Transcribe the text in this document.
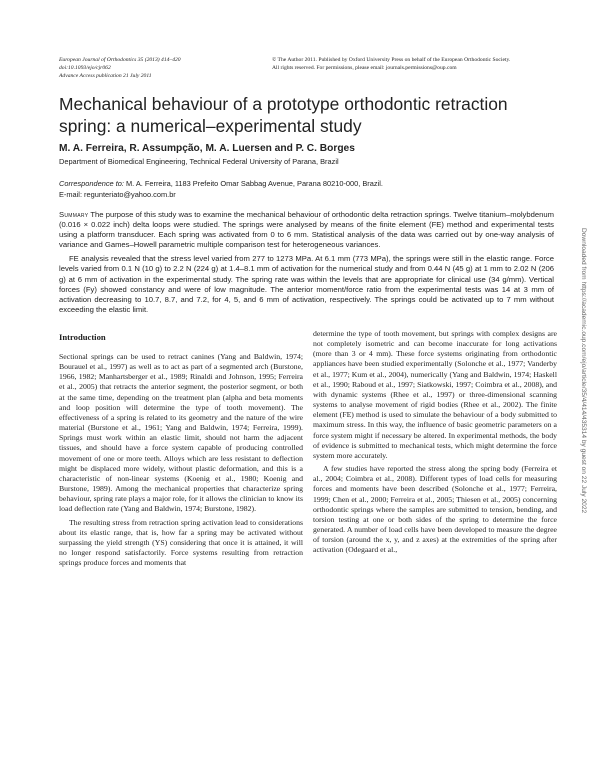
European Journal of Orthodontics 35 (2013) 414–420
doi:10.1093/ejo/cjr062
Advance Access publication 21 July 2011
© The Author 2011. Published by Oxford University Press on behalf of the European Orthodontic Society.
All rights reserved. For permissions, please email: journals.permissions@oup.com
Mechanical behaviour of a prototype orthodontic retraction spring: a numerical–experimental study
M. A. Ferreira, R. Assumpção, M. A. Luersen and P. C. Borges
Department of Biomedical Engineering, Technical Federal University of Parana, Brazil
Correspondence to: M. A. Ferreira, 1183 Prefeito Omar Sabbag Avenue, Parana 80210-000, Brazil.
E-mail: regunteriato@yahoo.com.br

Summary The purpose of this study was to examine the mechanical behaviour of orthodontic delta retraction springs. Twelve titanium–molybdenum (0.016 × 0.022 inch) delta loops were studied. The springs were analysed by means of the finite element (FE) method and experimental tests using a platform transducer. Each spring was activated from 0 to 6 mm. Statistical analysis of the data was carried out by one-way analysis of variance and Games–Howell parametric multiple comparison test for heterogeneous variances.

FE analysis revealed that the stress level varied from 277 to 1273 MPa. At 6.1 mm (773 MPa), the springs were still in the elastic range. Force levels varied from 0.1 N (10 g) to 2.2 N (224 g) at 1.4–8.1 mm of activation for the numerical study and from 0.44 N (45 g) at 1 mm to 2.02 N (206 g) at 6 mm of activation in the experimental study. The spring rate was within the levels that are appropriate for clinical use (34 g/mm). Vertical forces (Fy) showed constancy and were of low magnitude. The anterior moment/force ratio from the experimental tests was 14 at 3 mm of activation decreasing to 10.7, 8.7, and 7.2, for 4, 5, and 6 mm of activation, respectively. The springs could be activated up to 7 mm without exceeding the elastic limit.

Introduction

Sectional springs can be used to retract canines (Yang and Baldwin, 1974; Bourauel et al., 1997) as well as to act as part of a segmented arch (Burstone, 1966, 1982; Manhartsberger et al., 1989; Rinaldi and Johnson, 1995; Ferreira et al., 2005) that retracts the anterior segment, the posterior segment, or both at the same time, depending on the treatment plan (alpha and beta moments and loop position will determine the type of tooth movement). The effectiveness of a spring is related to its geometry and the nature of the wire material (Burstone et al., 1961; Yang and Baldwin, 1974; Ferreira, 1999). Springs must work within an elastic limit, should not harm the adjacent tissues, and should have a force system capable of producing controlled movement of one or more teeth. Alloys which are less resistant to deflection might be displaced more widely, without plastic deformation, and this is a characteristic of non-linear systems (Koenig et al., 1980; Koenig and Burstone, 1989). Among the mechanical properties that characterize spring behaviour, spring rate plays a major role, for it allows the clinician to know its load deflection rate (Yang and Baldwin, 1974; Burstone, 1982).

The resulting stress from retraction spring activation lead to considerations about its elastic range, that is, how far a spring may be activated without surpassing the yield strength (YS) considering that once it is attained, it will no longer respond satisfactorily. Force systems resulting from retraction springs produce forces and moments that

determine the type of tooth movement, but springs with complex designs are not completely isometric and can become inaccurate for long activations (more than 3 or 4 mm). These force systems originating from orthodontic appliances have been studied experimentally (Solonche et al., 1977; Vanderby et al., 1977; Kum et al., 2004), numerically (Yang and Baldwin, 1974; Haskell et al., 1990; Raboud et al., 1997; Siatkowski, 1997; Coimbra et al., 2008), and with dynamic systems (Rhee et al., 1997) or three-dimensional scanning systems to analyse movement of rigid bodies (Rhee et al., 2002). The finite element (FE) method is used to simulate the behaviour of a body submitted to maximum stress. In this way, the influence of basic geometric parameters on a force system might if necessary be altered. In experimental methods, the body of evidence is submitted to mechanical tests, which might determine the force system more accurately.

A few studies have reported the stress along the spring body (Ferreira et al., 2004; Coimbra et al., 2008). Different types of load cells for measuring forces and moments have been described (Solonche et al., 1977; Ferreira, 1999; Chen et al., 2000; Ferreira et al., 2005; Thiesen et al., 2005) concerning orthodontic springs where the samples are submitted to tension, bending, and torsion testing at one or both sides of the spring to determine the force generated. A number of load cells have been developed to measure the degree of torsion (around the x, y, and z axes) at the extremities of the spring after activation (Odegaard et al.,

Downloaded from https://academic.oup.com/ejo/article/35/4/414/435314 by guest on 22 July 2022
